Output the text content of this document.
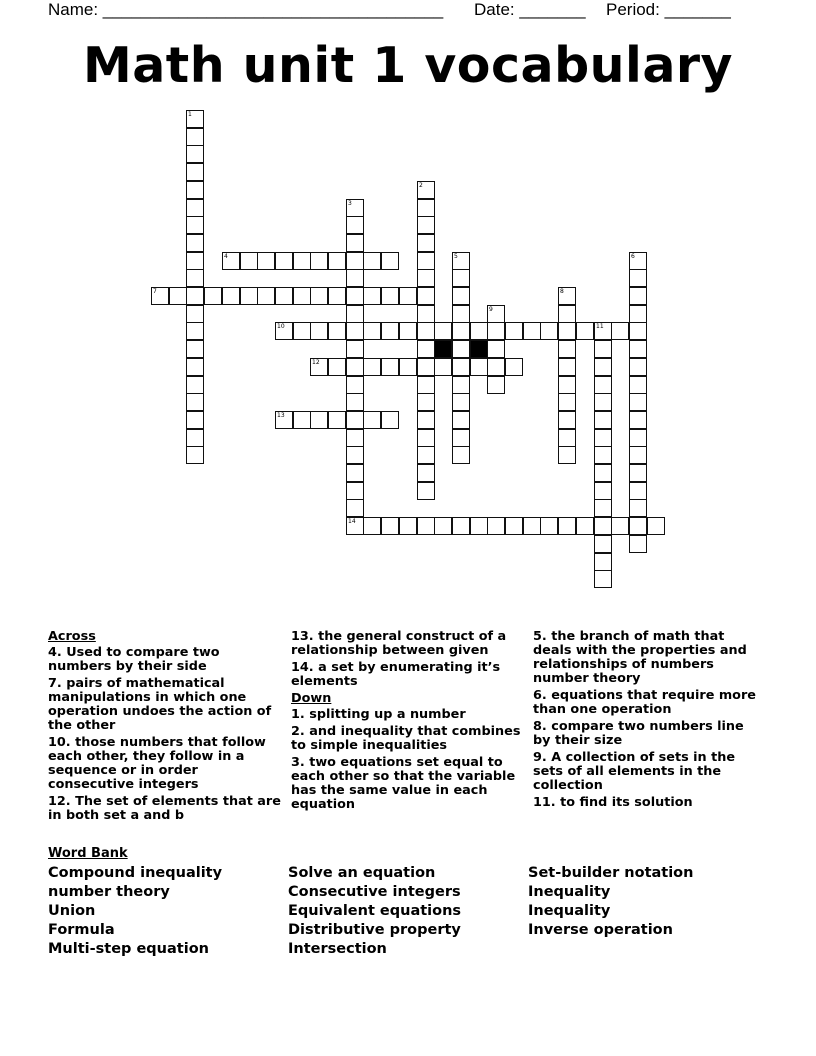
Name: ____________________________________ Date: _______ Period: _______
Math unit 1 vocabulary
1
2
3
4	5	6
7	8
9
10	11
12
13
14
Across
4. Used to compare two numbers by their side
7. pairs of mathematical manipulations in which one operation undoes the action of the other
10. those numbers that follow each other, they follow in a sequence or in order consecutive integers
12. The set of elements that are in both set a and b
13. the general construct of a relationship between given
14. a set by enumerating it’s elements
Down
1. splitting up a number
2. and inequality that combines to simple inequalities
3. two equations set equal to each other so that the variable has the same value in each equation
5. the branch of math that deals with the properties and relationships of numbers number theory
6. equations that require more than one operation
8. compare two numbers line by their size
9. A collection of sets in the sets of all elements in the collection
11. to find its solution
Word Bank
Compound inequality
number theory
Union
Formula
Multi-step equation
Solve an equation
Consecutive integers
Equivalent equations
Distributive property
Intersection
Set-builder notation
Inequality
Inequality
Inverse operation
